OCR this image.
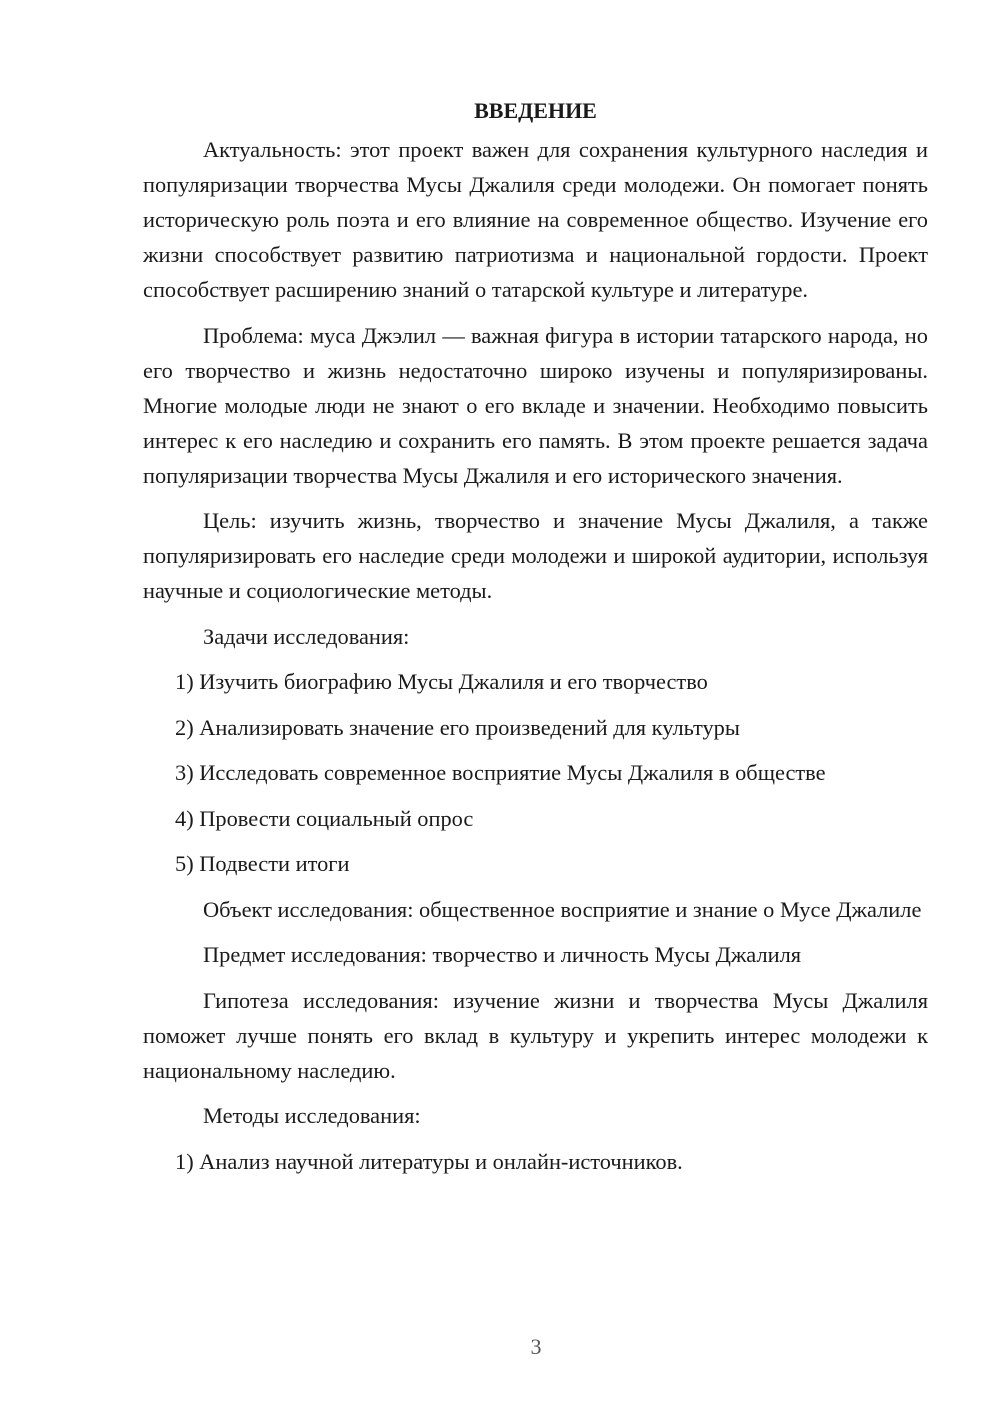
ВВЕДЕНИЕ

Актуальность: этот проект важен для сохранения культурного наследия и популяризации творчества Мусы Джалиля среди молодежи. Он помогает понять историческую роль поэта и его влияние на современное общество. Изучение его жизни способствует развитию патриотизма и национальной гордости. Проект способствует расширению знаний о татарской культуре и литературе.

Проблема: муса Джэлил — важная фигура в истории татарского народа, но его творчество и жизнь недостаточно широко изучены и популяризированы. Многие молодые люди не знают о его вкладе и значении. Необходимо повысить интерес к его наследию и сохранить его память. В этом проекте решается задача популяризации творчества Мусы Джалиля и его исторического значения.

Цель: изучить жизнь, творчество и значение Мусы Джалиля, а также популяризировать его наследие среди молодежи и широкой аудитории, используя научные и социологические методы.

Задачи исследования:

1) Изучить биографию Мусы Джалиля и его творчество
2) Анализировать значение его произведений для культуры
3) Исследовать современное восприятие Мусы Джалиля в обществе
4) Провести социальный опрос
5) Подвести итоги

Объект исследования: общественное восприятие и знание о Мусе Джалиле

Предмет исследования: творчество и личность Мусы Джалиля

Гипотеза исследования: изучение жизни и творчества Мусы Джалиля поможет лучше понять его вклад в культуру и укрепить интерес молодежи к национальному наследию.

Методы исследования:

1) Анализ научной литературы и онлайн-источников.
3
